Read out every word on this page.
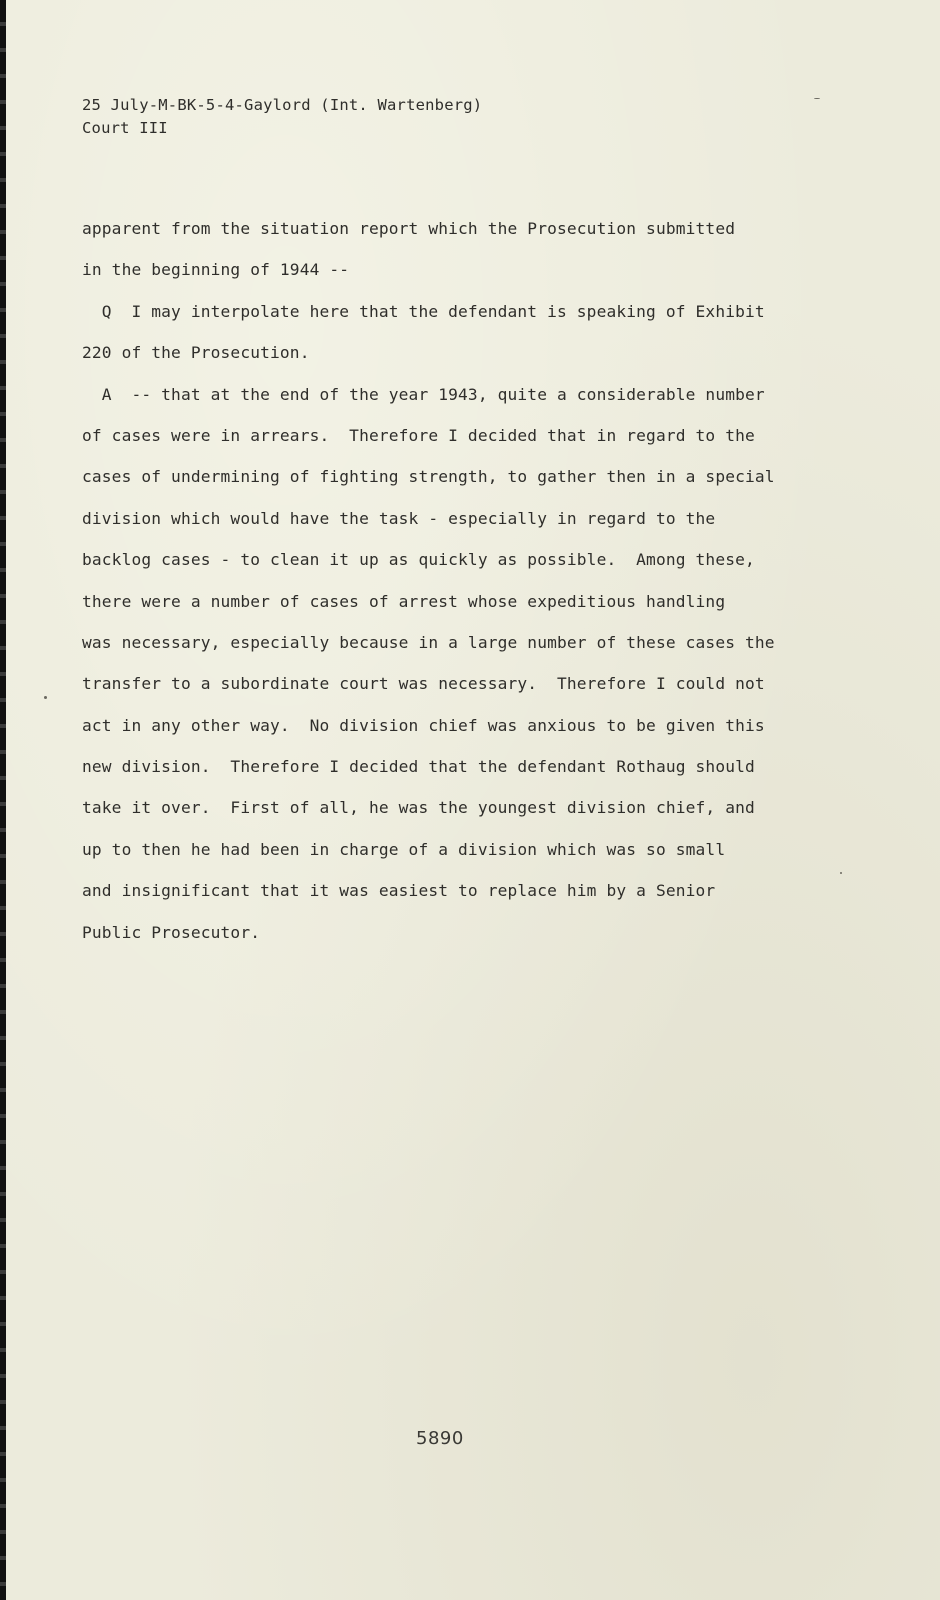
25 July-M-BK-5-4-Gaylord (Int. Wartenberg)
Court III
apparent from the situation report which the Prosecution submitted
in the beginning of 1944 --
Q  I may interpolate here that the defendant is speaking of Exhibit
220 of the Prosecution.
A  -- that at the end of the year 1943, quite a considerable number
of cases were in arrears.  Therefore I decided that in regard to the
cases of undermining of fighting strength, to gather then in a special
division which would have the task - especially in regard to the
backlog cases - to clean it up as quickly as possible.  Among these,
there were a number of cases of arrest whose expeditious handling
was necessary, especially because in a large number of these cases the
transfer to a subordinate court was necessary.  Therefore I could not
act in any other way.  No division chief was anxious to be given this
new division.  Therefore I decided that the defendant Rothaug should
take it over.  First of all, he was the youngest division chief, and
up to then he had been in charge of a division which was so small
and insignificant that it was easiest to replace him by a Senior
Public Prosecutor.
5890
